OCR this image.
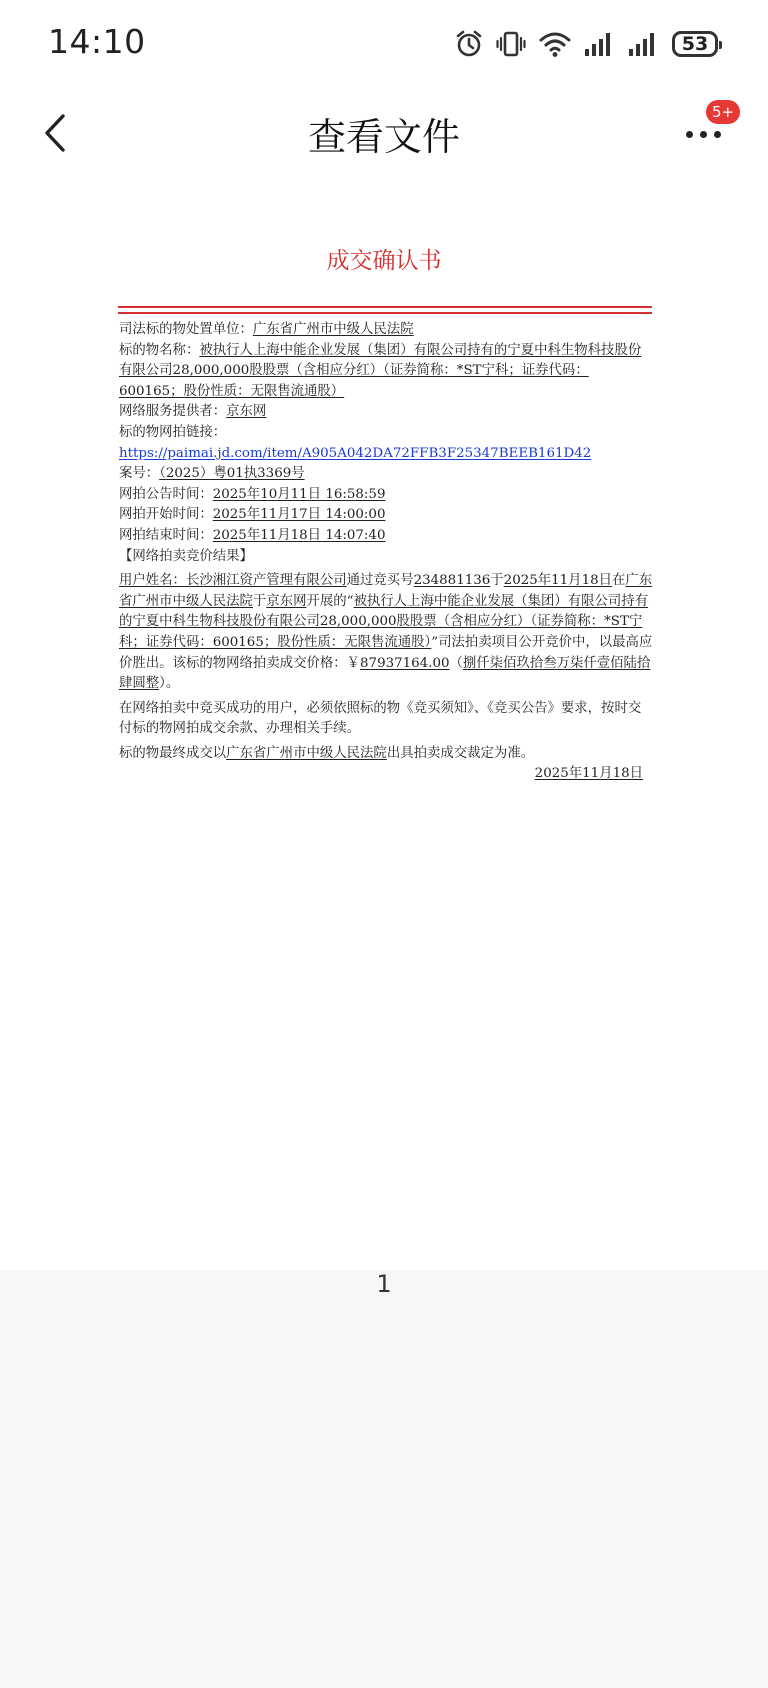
14:10	53
查看文件
5+
成交确认书

司法标的物处置单位：广东省广州市中级人民法院

标的物名称：被执行人上海中能企业发展（集团）有限公司持有的宁夏中科生物科技股份有限公司28,000,000股股票（含相应分红）（证券简称：*ST宁科；证券代码：600165；股份性质：无限售流通股）

网络服务提供者：京东网

标的物网拍链接：https://paimai.jd.com/item/A905A042DA72FFB3F25347BEEB161D42

案号：（2025）粤01执3369号

网拍公告时间：2025年10月11日 16:58:59

网拍开始时间：2025年11月17日 14:00:00

网拍结束时间：2025年11月18日 14:07:40

【网络拍卖竞价结果】

用户姓名：长沙湘江资产管理有限公司通过竞买号234881136于2025年11月18日在广东省广州市中级人民法院于京东网开展的“被执行人上海中能企业发展（集团）有限公司持有的宁夏中科生物科技股份有限公司28,000,000股股票（含相应分红）（证券简称：*ST宁科；证券代码：600165；股份性质：无限售流通股）”司法拍卖项目公开竞价中，以最高应价胜出。该标的物网络拍卖成交价格：￥87937164.00（捌仟柒佰玖拾叁万柒仟壹佰陆拾肆圆整）。

在网络拍卖中竞买成功的用户，必须依照标的物《竞买须知》、《竞买公告》要求，按时交付标的物网拍成交余款、办理相关手续。

标的物最终成交以广东省广州市中级人民法院出具拍卖成交裁定为准。

2025年11月18日

1
